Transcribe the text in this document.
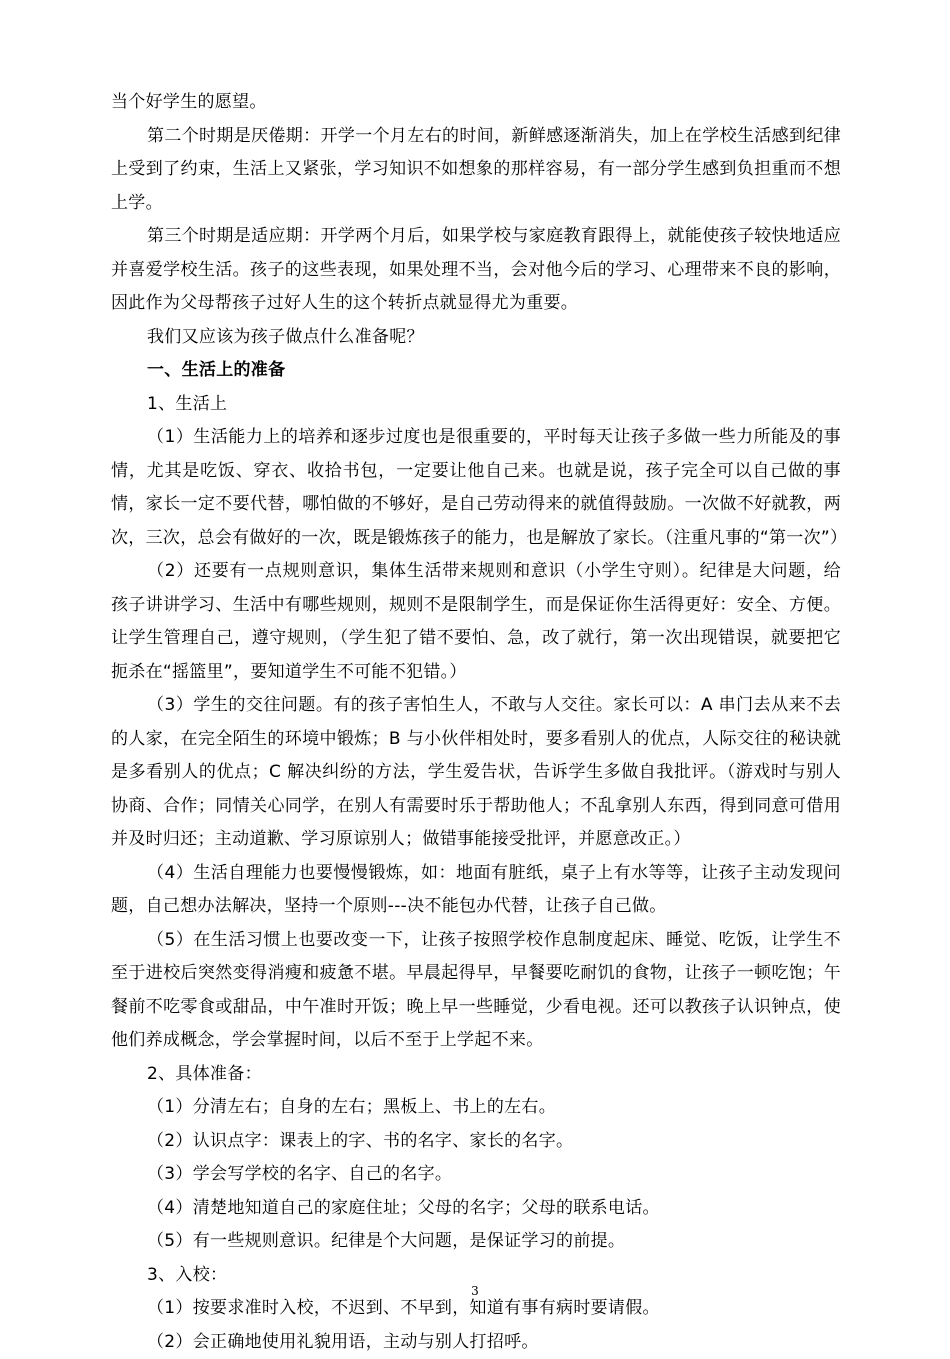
当个好学生的愿望。

第二个时期是厌倦期：开学一个月左右的时间，新鲜感逐渐消失，加上在学校生活感到纪律上受到了约束，生活上又紧张，学习知识不如想象的那样容易，有一部分学生感到负担重而不想上学。

第三个时期是适应期：开学两个月后，如果学校与家庭教育跟得上，就能使孩子较快地适应并喜爱学校生活。孩子的这些表现，如果处理不当，会对他今后的学习、心理带来不良的影响，因此作为父母帮孩子过好人生的这个转折点就显得尤为重要。

我们又应该为孩子做点什么准备呢？

一、生活上的准备

1、生活上

（1）生活能力上的培养和逐步过度也是很重要的，平时每天让孩子多做一些力所能及的事情，尤其是吃饭、穿衣、收拾书包，一定要让他自己来。也就是说，孩子完全可以自己做的事情，家长一定不要代替，哪怕做的不够好，是自己劳动得来的就值得鼓励。一次做不好就教，两次，三次，总会有做好的一次，既是锻炼孩子的能力，也是解放了家长。（注重凡事的“第一次”）

（2）还要有一点规则意识，集体生活带来规则和意识（小学生守则）。纪律是大问题，给孩子讲讲学习、生活中有哪些规则，规则不是限制学生，而是保证你生活得更好：安全、方便。让学生管理自己，遵守规则，（学生犯了错不要怕、急，改了就行，第一次出现错误，就要把它扼杀在“摇篮里”，要知道学生不可能不犯错。）

（3）学生的交往问题。有的孩子害怕生人，不敢与人交往。家长可以：A 串门去从来不去的人家，在完全陌生的环境中锻炼；B 与小伙伴相处时，要多看别人的优点，人际交往的秘诀就是多看别人的优点；C 解决纠纷的方法，学生爱告状，告诉学生多做自我批评。（游戏时与别人协商、合作；同情关心同学，在别人有需要时乐于帮助他人；不乱拿别人东西，得到同意可借用并及时归还；主动道歉、学习原谅别人；做错事能接受批评，并愿意改正。）

（4）生活自理能力也要慢慢锻炼，如：地面有脏纸，桌子上有水等等，让孩子主动发现问题，自己想办法解决，坚持一个原则---决不能包办代替，让孩子自己做。

（5）在生活习惯上也要改变一下，让孩子按照学校作息制度起床、睡觉、吃饭，让学生不至于进校后突然变得消瘦和疲惫不堪。早晨起得早，早餐要吃耐饥的食物，让孩子一顿吃饱；午餐前不吃零食或甜品，中午准时开饭；晚上早一些睡觉，少看电视。还可以教孩子认识钟点，使他们养成概念，学会掌握时间，以后不至于上学起不来。

2、具体准备：

（1）分清左右；自身的左右；黑板上、书上的左右。

（2）认识点字：课表上的字、书的名字、家长的名字。

（3）学会写学校的名字、自己的名字。

（4）清楚地知道自己的家庭住址；父母的名字；父母的联系电话。

（5）有一些规则意识。纪律是个大问题，是保证学习的前提。

3、入校：

（1）按要求准时入校，不迟到、不早到，知道有事有病时要请假。

（2）会正确地使用礼貌用语，主动与别人打招呼。

3
